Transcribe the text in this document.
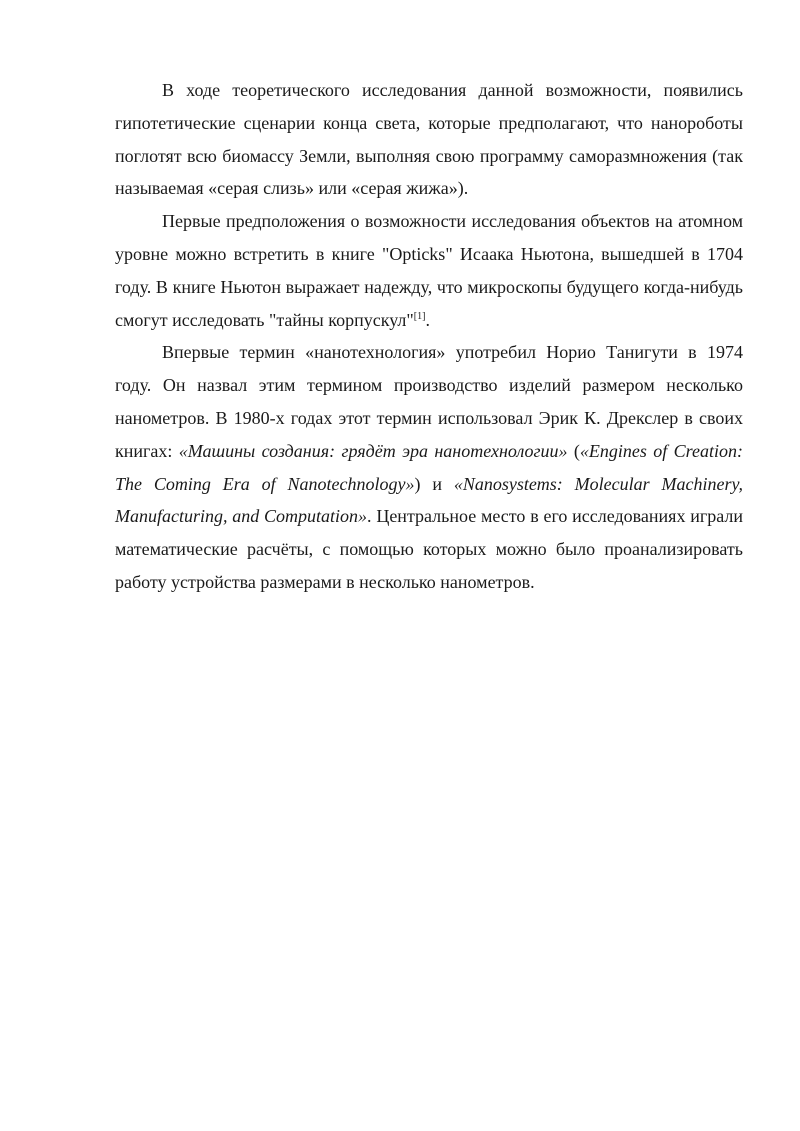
В ходе теоретического исследования данной возможности, появились гипотетические сценарии конца света, которые предполагают, что нанороботы поглотят всю биомассу Земли, выполняя свою программу саморазмножения (так называемая «серая слизь» или «серая жижа»).

Первые предположения о возможности исследования объектов на атомном уровне можно встретить в книге "Opticks" Исаака Ньютона, вышедшей в 1704 году. В книге Ньютон выражает надежду, что микроскопы будущего когда-нибудь смогут исследовать "тайны корпускул"[1].

Впервые термин «нанотехнология» употребил Норио Танигути в 1974 году. Он назвал этим термином производство изделий размером несколько нанометров. В 1980-х годах этот термин использовал Эрик К. Дрекслер в своих книгах: «Машины создания: грядёт эра нанотехнологии» («Engines of Creation: The Coming Era of Nanotechnology») и «Nanosystems: Molecular Machinery, Manufacturing, and Computation». Центральное место в его исследованиях играли математические расчёты, с помощью которых можно было проанализировать работу устройства размерами в несколько нанометров.
